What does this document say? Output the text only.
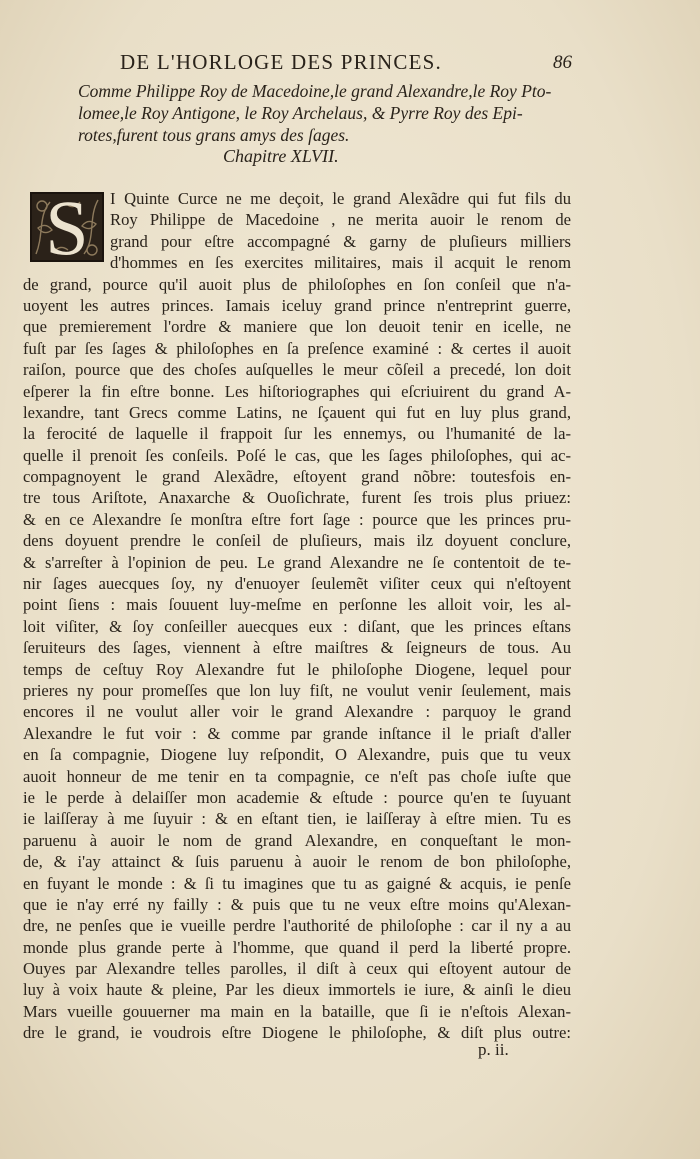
DE L'HORLOGE DES PRINCES.	86
Comme Philippe Roy de Macedoine,le grand Alexandre,le Roy Pto-
lomee,le Roy Antigone, le Roy Archelaus, & Pyrre Roy des Epi-
rotes,furent tous grans amys des ſages.
Chapitre XLVII.
S	I Quinte Curce ne me deçoit, le grand Alexãdre qui fut fils du
Roy Philippe de Macedoine , ne merita auoir le renom de
grand pour eſtre accompagné & garny de pluſieurs milliers
d'hommes en ſes exercites militaires, mais il acquit le renom
de grand, pource qu'il auoit plus de philoſophes en ſon conſeil que n'a-
uoyent les autres princes. Iamais iceluy grand prince n'entreprint guerre,
que premierement l'ordre & maniere que lon deuoit tenir en icelle, ne
fuſt par ſes ſages & philoſophes en ſa preſence examiné : & certes il auoit
raiſon, pource que des choſes auſquelles le meur cõſeil a precedé, lon doit
eſperer la fin eſtre bonne. Les hiſtoriographes qui eſcriuirent du grand A-
lexandre, tant Grecs comme Latins, ne ſçauent qui fut en luy plus grand,
la ferocité de laquelle il frappoit ſur les ennemys, ou l'humanité de la-
quelle il prenoit ſes conſeils. Poſé le cas, que les ſages philoſophes, qui ac-
compagnoyent le grand Alexãdre, eſtoyent grand nõbre: toutesfois en-
tre tous Ariſtote, Anaxarche & Ouoſichrate, furent ſes trois plus priuez:
& en ce Alexandre ſe monſtra eſtre fort ſage : pource que les princes pru-
dens doyuent prendre le conſeil de pluſieurs, mais ilz doyuent conclure,
& s'arreſter à l'opinion de peu. Le grand Alexandre ne ſe contentoit de te-
nir ſages auecques ſoy, ny d'enuoyer ſeulemẽt viſiter ceux qui n'eſtoyent
point ſiens : mais ſouuent luy-meſme en perſonne les alloit voir, les al-
loit viſiter, & ſoy conſeiller auecques eux : diſant, que les princes eſtans
ſeruiteurs des ſages, viennent à eſtre maiſtres & ſeigneurs de tous. Au
temps de ceſtuy Roy Alexandre fut le philoſophe Diogene, lequel pour
prieres ny pour promeſſes que lon luy fiſt, ne voulut venir ſeulement, mais
encores il ne voulut aller voir le grand Alexandre : parquoy le grand
Alexandre le fut voir : & comme par grande inſtance il le priaſt d'aller
en ſa compagnie, Diogene luy reſpondit, O Alexandre, puis que tu veux
auoit honneur de me tenir en ta compagnie, ce n'eſt pas choſe iuſte que
ie le perde à delaiſſer mon academie & eſtude : pource qu'en te ſuyuant
ie laiſſeray à me ſuyuir : & en eſtant tien, ie laiſſeray à eſtre mien. Tu es
paruenu à auoir le nom de grand Alexandre, en conqueſtant le mon-
de, & i'ay attainct & ſuis paruenu à auoir le renom de bon philoſophe,
en fuyant le monde : & ſi tu imagines que tu as gaigné & acquis, ie penſe
que ie n'ay erré ny failly : & puis que tu ne veux eſtre moins qu'Alexan-
dre, ne penſes que ie vueille perdre l'authorité de philoſophe : car il ny a au
monde plus grande perte à l'homme, que quand il perd la liberté propre.
Ouyes par Alexandre telles parolles, il diſt à ceux qui eſtoyent autour de
luy à voix haute & pleine, Par les dieux immortels ie iure, & ainſi le dieu
Mars vueille gouuerner ma main en la bataille, que ſi ie n'eſtois Alexan-
dre le grand, ie voudrois eſtre Diogene le philoſophe, & diſt plus outre:
p. ii.
